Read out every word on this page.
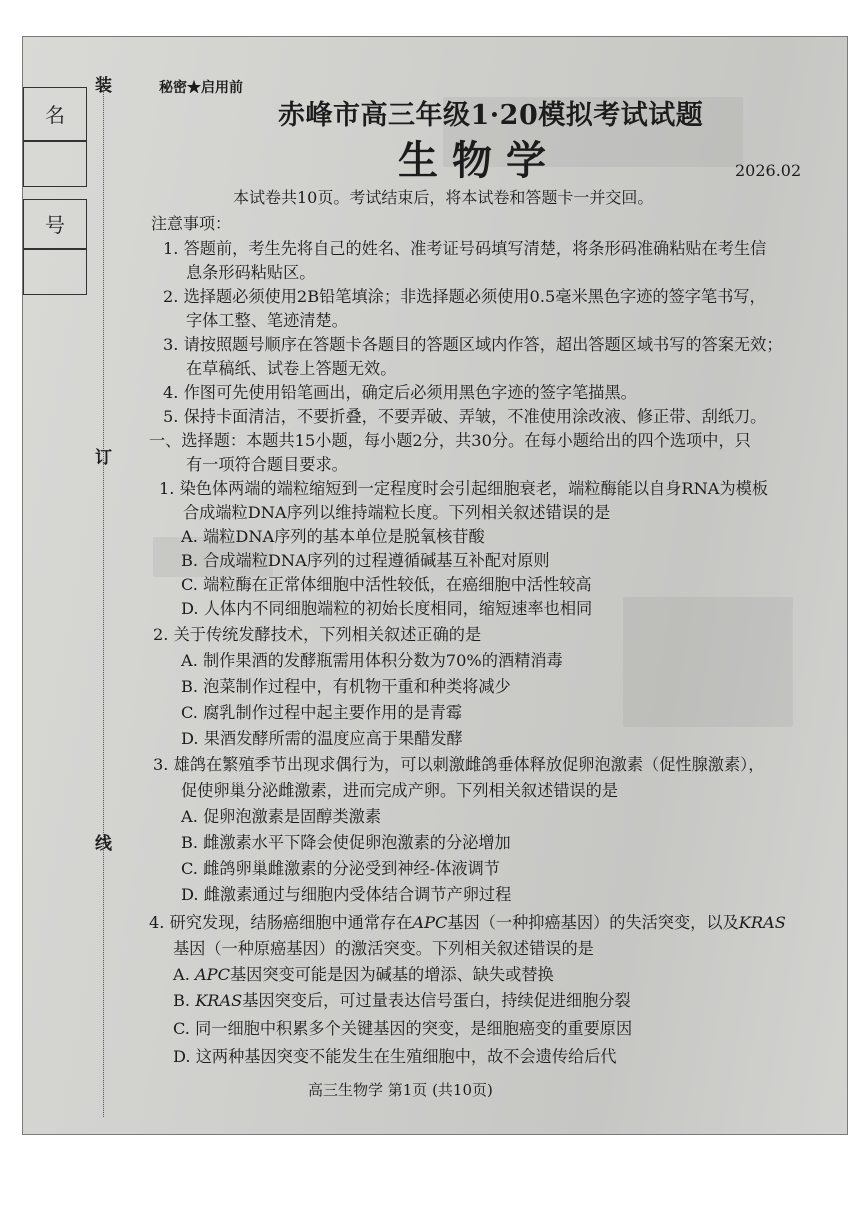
名
号
装
订
线
秘密★启用前
赤峰市高三年级1·20模拟考试试题
生物学	2026.02
本试卷共10页。考试结束后，将本试卷和答题卡一并交回。
注意事项：
1. 答题前，考生先将自己的姓名、准考证号码填写清楚，将条形码准确粘贴在考生信
息条形码粘贴区。
2. 选择题必须使用2B铅笔填涂；非选择题必须使用0.5毫米黑色字迹的签字笔书写，
字体工整、笔迹清楚。
3. 请按照题号顺序在答题卡各题目的答题区域内作答，超出答题区域书写的答案无效；
在草稿纸、试卷上答题无效。
4. 作图可先使用铅笔画出，确定后必须用黑色字迹的签字笔描黑。
5. 保持卡面清洁，不要折叠，不要弄破、弄皱，不准使用涂改液、修正带、刮纸刀。
一、选择题：本题共15小题，每小题2分，共30分。在每小题给出的四个选项中，只
有一项符合题目要求。
1. 染色体两端的端粒缩短到一定程度时会引起细胞衰老，端粒酶能以自身RNA为模板
合成端粒DNA序列以维持端粒长度。下列相关叙述错误的是
A. 端粒DNA序列的基本单位是脱氧核苷酸
B. 合成端粒DNA序列的过程遵循碱基互补配对原则
C. 端粒酶在正常体细胞中活性较低，在癌细胞中活性较高
D. 人体内不同细胞端粒的初始长度相同，缩短速率也相同
2. 关于传统发酵技术，下列相关叙述正确的是
A. 制作果酒的发酵瓶需用体积分数为70%的酒精消毒
B. 泡菜制作过程中，有机物干重和种类将减少
C. 腐乳制作过程中起主要作用的是青霉
D. 果酒发酵所需的温度应高于果醋发酵
3. 雄鸽在繁殖季节出现求偶行为，可以刺激雌鸽垂体释放促卵泡激素（促性腺激素），
促使卵巢分泌雌激素，进而完成产卵。下列相关叙述错误的是
A. 促卵泡激素是固醇类激素
B. 雌激素水平下降会使促卵泡激素的分泌增加
C. 雌鸽卵巢雌激素的分泌受到神经-体液调节
D. 雌激素通过与细胞内受体结合调节产卵过程
4. 研究发现，结肠癌细胞中通常存在APC基因（一种抑癌基因）的失活突变，以及KRAS
基因（一种原癌基因）的激活突变。下列相关叙述错误的是
A. APC基因突变可能是因为碱基的增添、缺失或替换
B. KRAS基因突变后，可过量表达信号蛋白，持续促进细胞分裂
C. 同一细胞中积累多个关键基因的突变，是细胞癌变的重要原因
D. 这两种基因突变不能发生在生殖细胞中，故不会遗传给后代
高三生物学 第1页 (共10页)
